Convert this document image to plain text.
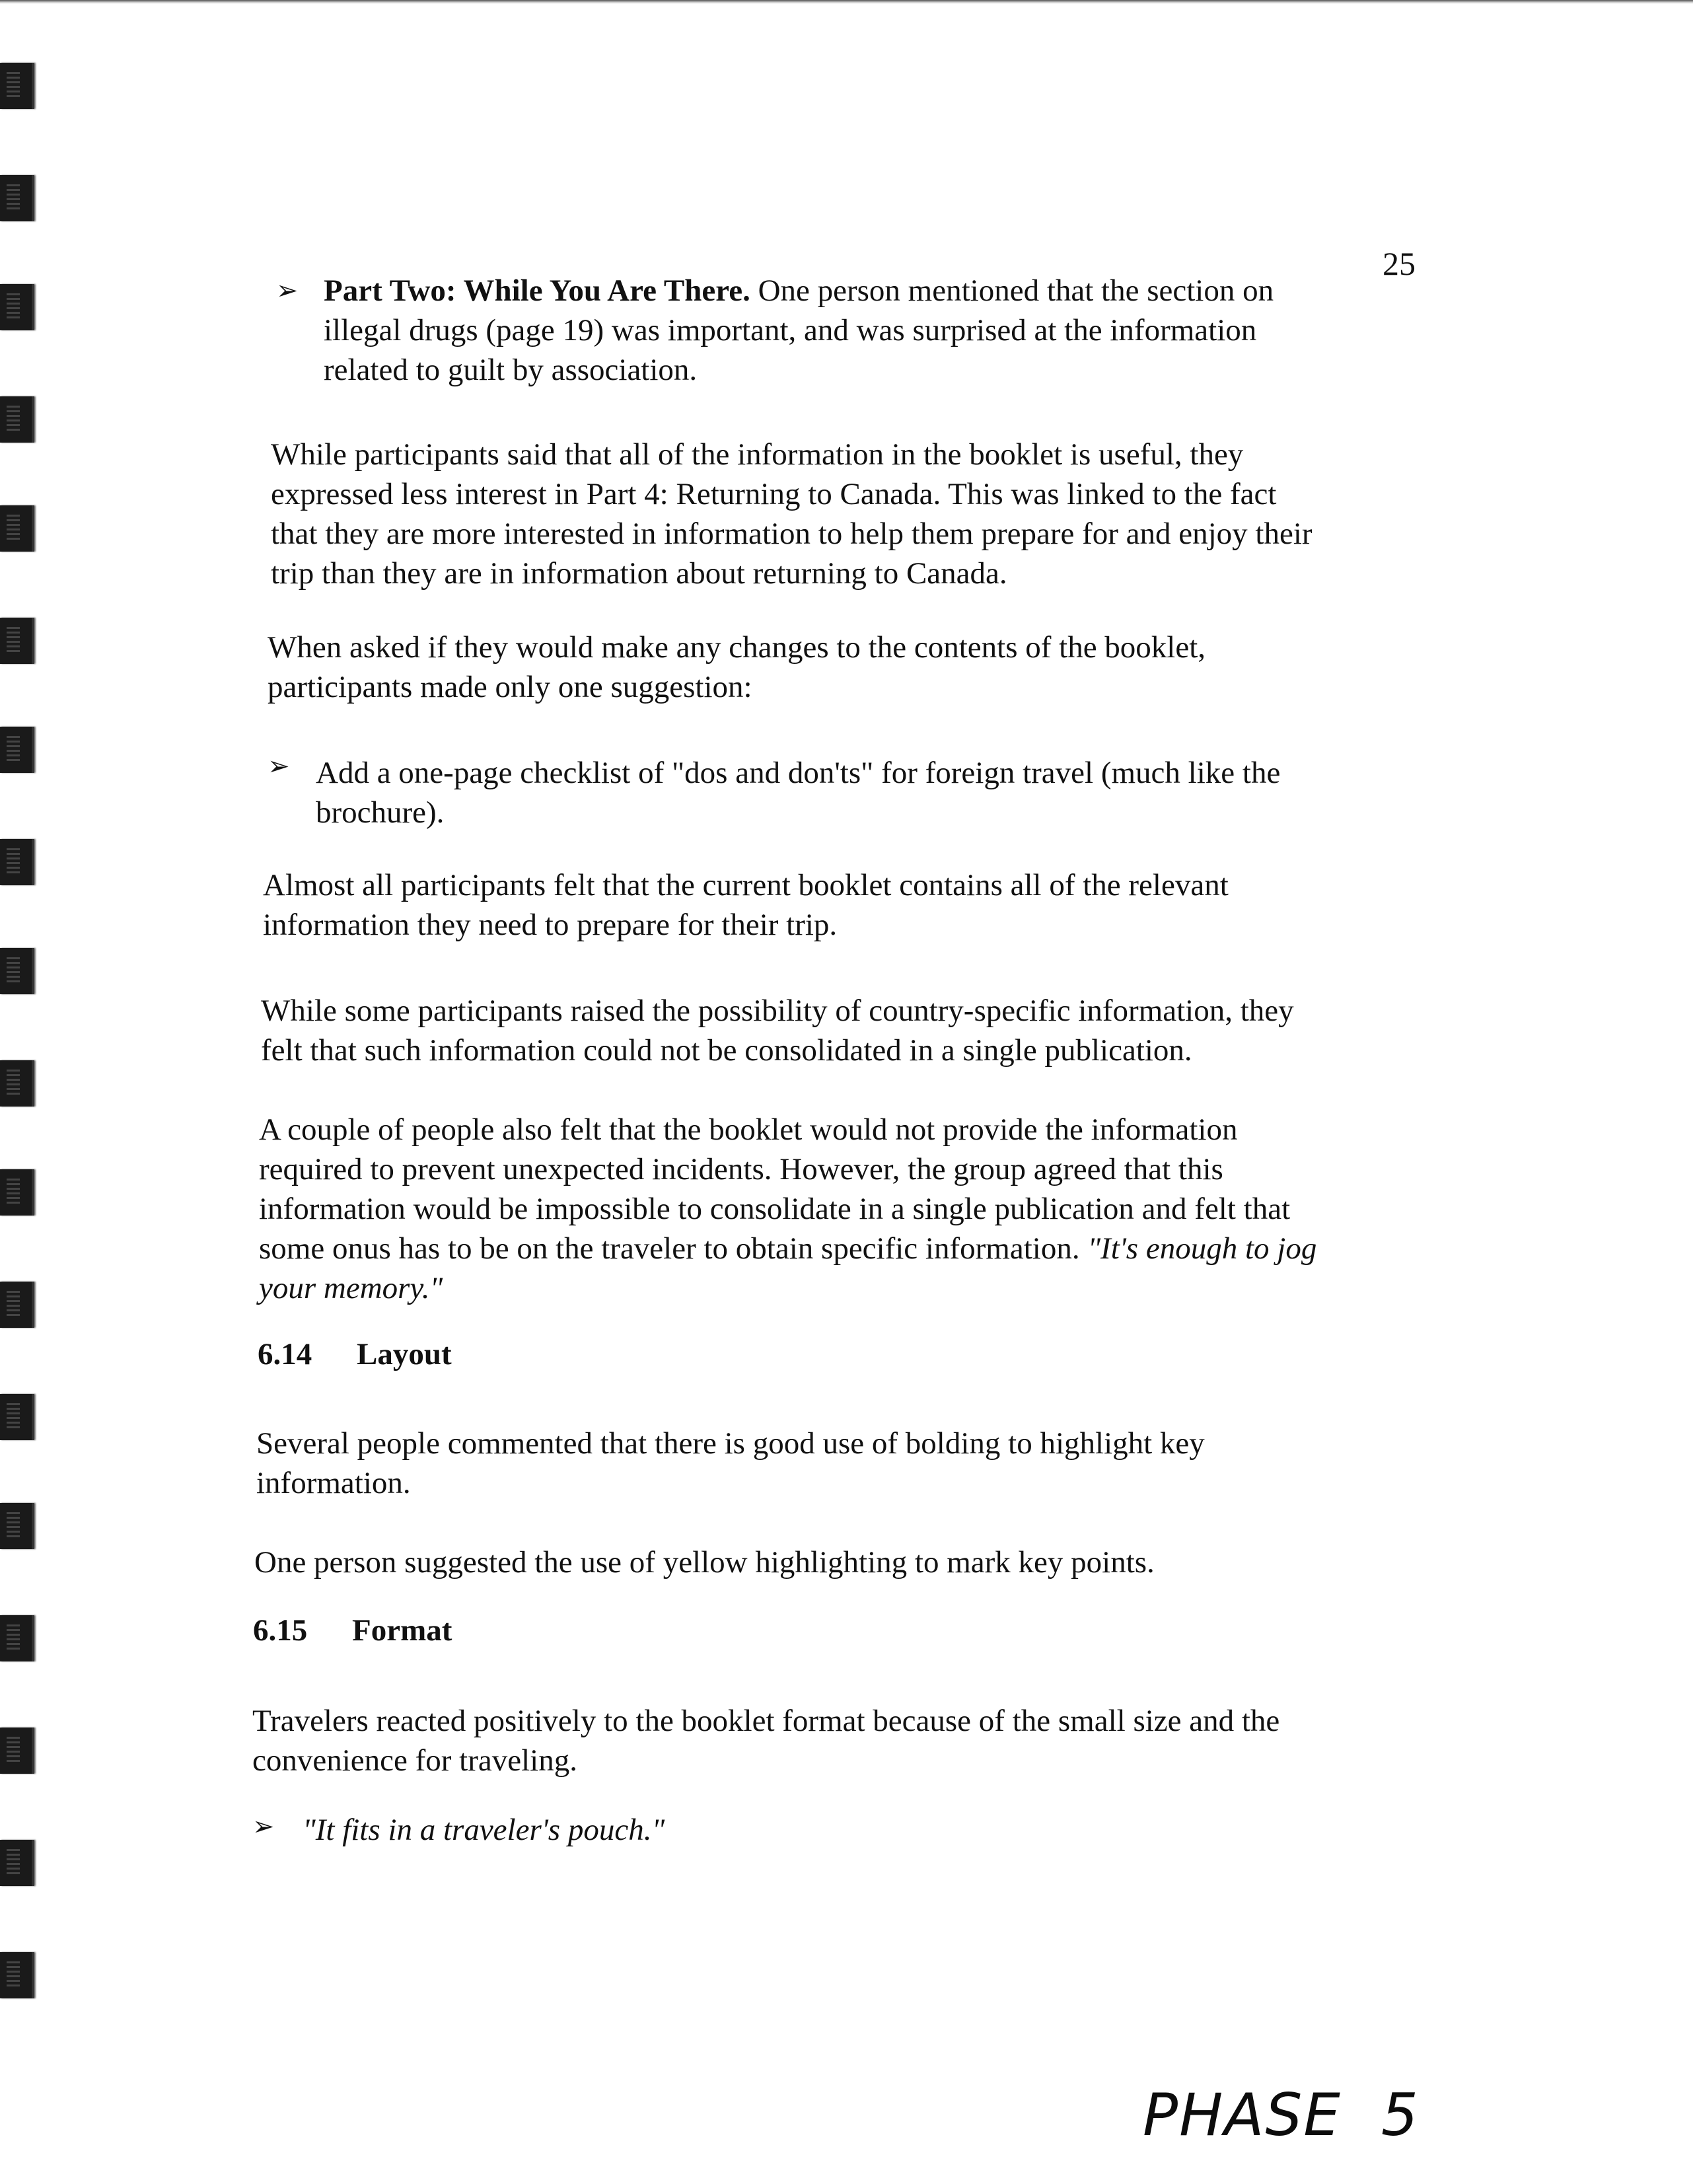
25
➢ Part Two: While You Are There. One person mentioned that the section on
illegal drugs (page 19) was important, and was surprised at the information
related to guilt by association.

While participants said that all of the information in the booklet is useful, they
expressed less interest in Part 4: Returning to Canada. This was linked to the fact
that they are more interested in information to help them prepare for and enjoy their
trip than they are in information about returning to Canada.

When asked if they would make any changes to the contents of the booklet,
participants made only one suggestion:

➢ Add a one-page checklist of "dos and don'ts" for foreign travel (much like the
brochure).

Almost all participants felt that the current booklet contains all of the relevant
information they need to prepare for their trip.

While some participants raised the possibility of country-specific information, they
felt that such information could not be consolidated in a single publication.

A couple of people also felt that the booklet would not provide the information
required to prevent unexpected incidents. However, the group agreed that this
information would be impossible to consolidate in a single publication and felt that
some onus has to be on the traveler to obtain specific information. "It's enough to jog
your memory."

6.14 Layout

Several people commented that there is good use of bolding to highlight key
information.

One person suggested the use of yellow highlighting to mark key points.

6.15 Format

Travelers reacted positively to the booklet format because of the small size and the
convenience for traveling.

➢ "It fits in a traveler's pouch."

PHASE  5
